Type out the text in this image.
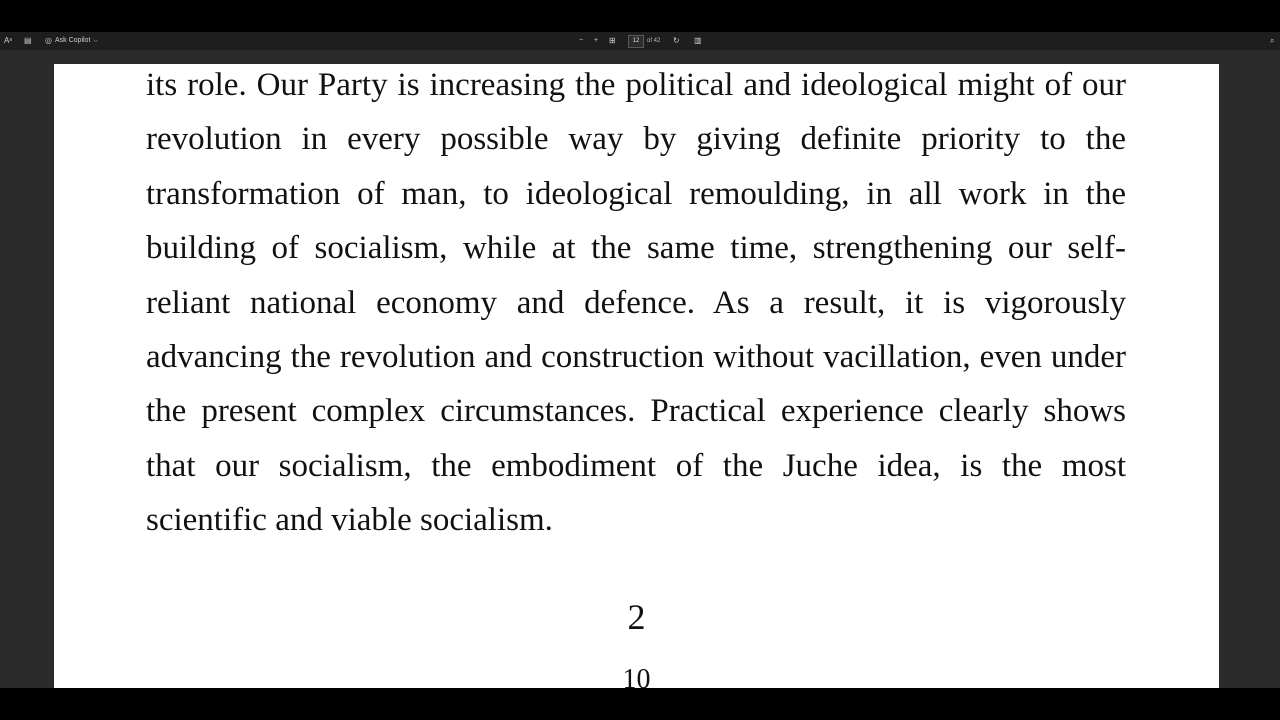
its role. Our Party is increasing the political and ideological might of our revolution in every possible way by giving definite priority to the transformation of man, to ideological remoulding, in all work in the building of socialism, while at the same time, strengthening our self-reliant national economy and defence. As a result, it is vigorously advancing the revolution and construction without vacillation, even under the present complex circumstances. Practical experience clearly shows that our socialism, the embodiment of the Juche idea, is the most scientific and viable socialism.

2
10
Aˢ ▤ ◎ Ask Copilot ⌵	− + ⊞	12	of 42 ↻ ▥	⌕
